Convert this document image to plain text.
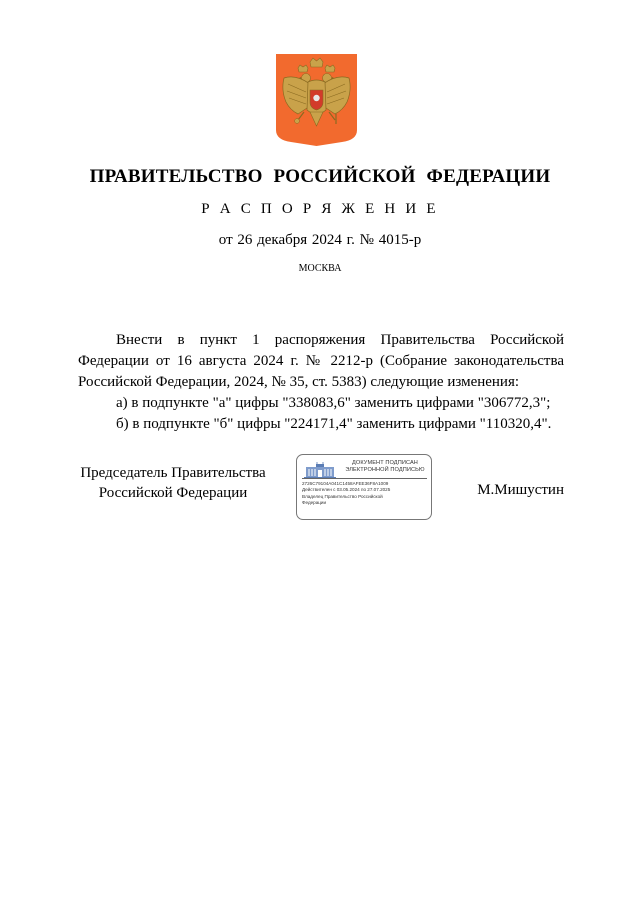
ПРАВИТЕЛЬСТВО РОССИЙСКОЙ ФЕДЕРАЦИИ
Р А С П О Р Я Ж Е Н И Е
от 26 декабря 2024 г. № 4015-р
МОСКВА

Внести в пункт 1 распоряжения Правительства Российской Федерации от 16 августа 2024 г. № 2212-р (Собрание законодательства Российской Федерации, 2024, № 35, ст. 5383) следующие изменения:

а) в подпункте "а" цифры "338083,6" заменить цифрами "306772,3";

б) в подпункте "б" цифры "224171,4" заменить цифрами "110320,4".

Председатель Правительства
Российской Федерации
ДОКУМЕНТ ПОДПИСАН
ЭЛЕКТРОННОЙ ПОДПИСЬЮ
2726C79104A041C1458AFEE36F8A1009
Действителен с 03.05.2024 по 27.07.2025
Владелец Правительство Российской
Федерации
М.Мишустин
